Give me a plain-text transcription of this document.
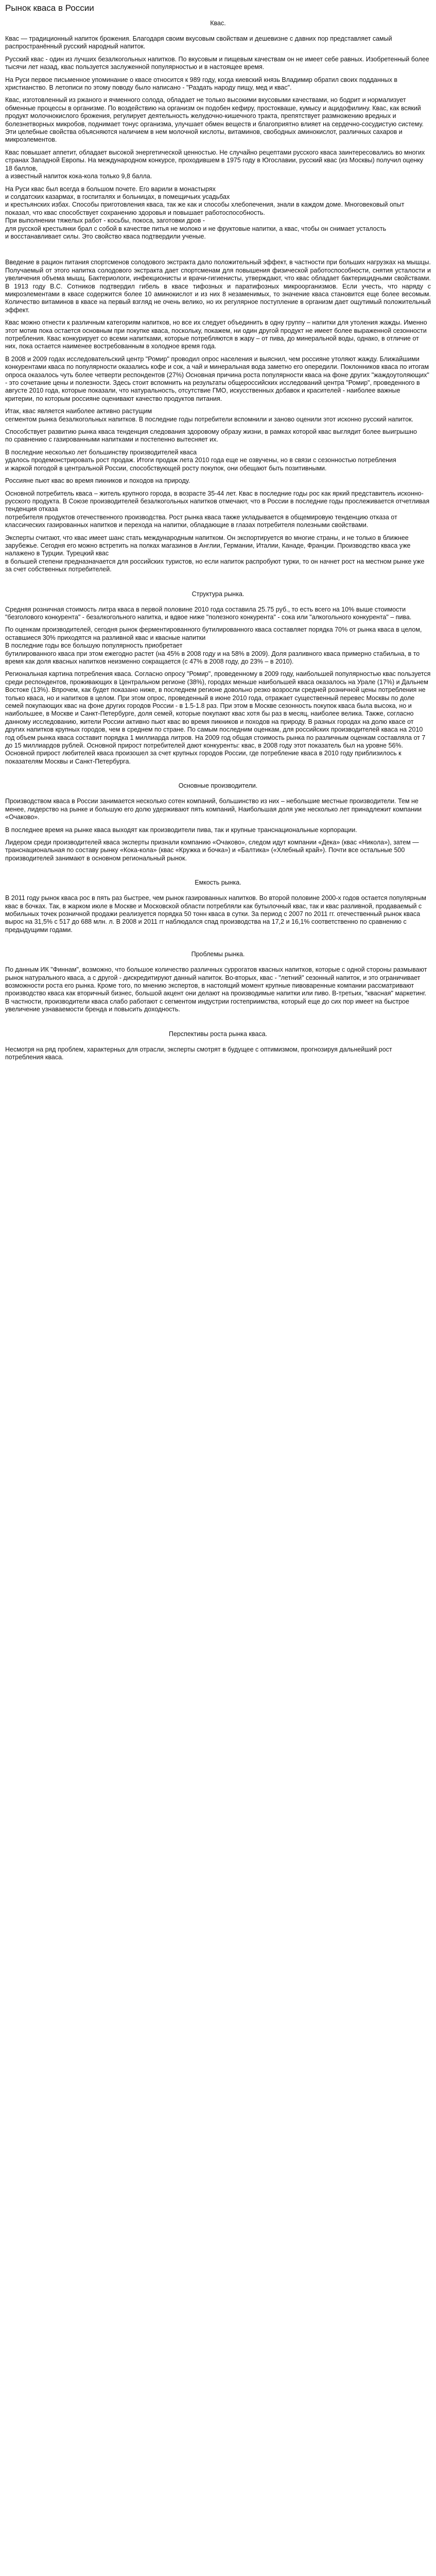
Рынок кваса в России
Квас.

Квас — традиционный напиток брожения. Благодаря своим вкусовым свойствам и дешевизне с давних пор представляет самый распространённый русский народный напиток.

Русский квас - один из лучших безалкогольных напитков. По вкусовым и пищевым качествам он не имеет себе равных. Изобретенный более тысячи лет назад, квас пользуется заслуженной популярностью и в настоящее время.

На Руси первое письменное упоминание о квасе относится к 989 году, когда киевский князь Владимир обратил своих подданных в христианство. В летописи по этому поводу было написано - "Раздать народу пищу, мед и квас".

Квас, изготовленный из ржаного и ячменного солода, обладает не только высокими вкусовыми качествами, но бодрит и нормализует обменные процессы в организме. По воздействию на организм он подобен кефиру, простокваше, кумысу и ацидофилину. Квас, как всякий продукт молочнокислого брожения, регулирует деятельность желудочно-кишечного тракта, препятствует размножению вредных и болезнетворных микробов, поднимает тонус организма, улучшает обмен веществ и благоприятно влияет на сердечно-сосудистую систему. Эти целебные свойства объясняются наличием в нем молочной кислоты, витаминов, свободных аминокислот, различных сахаров и микроэлементов.

Квас повышает аппетит, обладает высокой энергетической ценностью. Не случайно рецептами русского кваса заинтересовались во многих странах Западной Европы. На международном конкурсе, проходившем в 1975 году в Югославии, русский квас (из Москвы) получил оценку 18 баллов,
а известный напиток кока-кола только 9,8 балла.

На Руси квас был всегда в большом почете. Его варили в монастырях
и солдатских казармах, в госпиталях и больницах, в помещичьих усадьбах
и крестьянских избах. Способы приготовления кваса, так же как и способы хлебопечения, знали в каждом доме. Многовековый опыт показал, что квас способствует сохранению здоровья и повышает работоспособность.
При выполнении тяжелых работ - косьбы, покоса, заготовки дров -
для русской крестьянки брал с собой в качестве питья не молоко и не фруктовые напитки, а квас, чтобы он снимает усталость
и восстанавливает силы. Это свойство кваса подтвердили ученые.

Введение в рацион питания спортсменов солодового экстракта дало положительный эффект, в частности при больших нагрузках на мышцы. Получаемый от этого напитка солодового экстракта дает спортсменам для повышения физической работоспособности, снятия усталости и увеличения объема мышц. Бактериологи, инфекционисты и врачи-гигиенисты, утверждают, что квас обладает бактерицидными свойствами. В 1913 году В.С. Сотников подтвердил гибель в квасе тифозных и паратифозных микроорганизмов. Если учесть, что наряду с микроэлементами в квасе содержится более 10 аминокислот и из них 8 незаменимых, то значение кваса становится еще более весомым. Количество витаминов в квасе на первый взгляд не очень велико, но их регулярное поступление в организм дает ощутимый положительный эффект.

Квас можно отнести к различным категориям напитков, но все их следует объединить в одну группу – напитки для утоления жажды. Именно этот мотив пока остается основным при покупке кваса, поскольку, покажем, ни один другой продукт не имеет более выраженной сезонности потребления. Квас конкурирует со всеми напитками, которые потребляются в жару – от пива, до минеральной воды, однако, в отличие от них, пока остается наименее востребованным в холодное время года.

В 2008 и 2009 годах исследовательский центр "Ромир" проводил опрос населения и выяснил, чем россияне утоляют жажду. Ближайшими конкурентами кваса по популярности оказались кофе и сок, а чай и минеральная вода заметно его опередили. Поклонников кваса по итогам опроса оказалось чуть более четверти респондентов (27%) Основная причина роста популярности кваса на фоне других "жаждоутоляющих" - это сочетание цены и полезности. Здесь стоит вспомнить на результаты общероссийских исследований центра "Ромир", проведенного в августе 2010 года, которые показали, что натуральность, отсутствие ГМО, искусственных добавок и красителей - наиболее важные критерии, по которым россияне оценивают качество продуктов питания.

Итак, квас является наиболее активно растущим
сегментом рынка безалкогольных напитков. В последние годы потребители вспомнили и заново оценили этот исконно русский напиток.

Способствует развитию рынка кваса тенденция следования здоровому образу жизни, в рамках которой квас выглядит более выигрышно
по сравнению с газированными напитками и постепенно вытесняет их.

В последние несколько лет большинству производителей кваса
удалось продемонстрировать рост продаж. Итоги продаж лета 2010 года еще не озвучены, но в связи с сезонностью потребления
и жаркой погодой в центральной России, способствующей росту покупок, они обещают быть позитивными.

Россияне пьют квас во время пикников и походов на природу.

Основной потребитель кваса – житель крупного города, в возрасте 35-44 лет. Квас в последние годы рос как яркий представитель исконно-русского продукта. В Союзе производителей безалкогольных напитков отмечают, что в России в последние годы прослеживается отчетливая тенденция отказа
потребителя продуктов отечественного производства. Рост рынка кваса также укладывается в общемировую тенденцию отказа от классических газированных напитков и перехода на напитки, обладающие в глазах потребителя полезными свойствами.

Эксперты считают, что квас имеет шанс стать международным напитком. Он экспортируется во многие страны, и не только в ближнее зарубежье. Сегодня его можно встретить на полках магазинов в Англии, Германии, Италии, Канаде, Франции. Производство кваса уже налажено в Турции. Турецкий квас
в большей степени предназначается для российских туристов, но если напиток распробуют турки, то он начнет рост на местном рынке уже за счет собственных потребителей.

Структура рынка.

Средняя розничная стоимость литра кваса в первой половине 2010 года составила 25.75 руб., то есть всего на 10% выше стоимости "безголового конкурента" - безалкогольного напитка, и вдвое ниже "полезного конкурента" - сока или "алкогольного конкурента" – пива.

По оценкам производителей, сегодня рынок ферментированного бутилированного кваса составляет порядка 70% от рынка кваса в целом, оставшиеся 30% приходятся на разливной квас и квасные напитки
В последние годы все большую популярность приобретает
бутилированного кваса при этом ежегодно растет (на 45% в 2008 году и на 58% в 2009). Доля разливного кваса примерно стабильна, в то время как доля квасных напитков неизменно сокращается (с 47% в 2008 году, до 23% – в 2010).

Региональная картина потребления кваса. Согласно опросу "Ромир", проведенному в 2009 году, наибольшей популярностью квас пользуется среди респондентов, проживающих в Центральном регионе (38%), городах меньше наибольшей кваса оказалось на Урале (17%) и Дальнем Востоке (13%). Впрочем, как будет показано ниже, в последнем регионе довольно резко возросли средней розничной цены потребления не только кваса, но и напитков в целом. При этом опрос, проведенный в июне 2010 года, отражает существенный перевес Москвы по доле семей покупающих квас на фоне других городов России - в 1.5-1.8 раз. При этом в Москве сезонность покупок кваса была высока, но и наибольшее, в Москве и Санкт-Петербурге, доля семей, которые покупают квас хотя бы раз в месяц, наиболее велика. Также, согласно данному исследованию, жители России активно пьют квас во время пикников и походов на природу. В разных городах на долю квасе от других напитков крупных городов, чем в среднем по стране. По самым последним оценкам, для российских производителей кваса на 2010 год объем рынка кваса составит порядка 1 миллиарда литров. На 2009 год общая стоимость рынка по различным оценкам составляла от 7 до 15 миллиардов рублей. Основной прирост потребителей дают конкуренты: квас, в 2008 году этот показатель был на уровне 56%. Основной прирост любителей кваса произошел за счет крупных городов России, где потребление кваса в 2010 году приблизилось к показателям Москвы и Санкт-Петербурга.

Основные производители.

Производством кваса в России занимается несколько сотен компаний, большинство из них – небольшие местные производители. Тем не менее, лидерство на рынке и большую его долю удерживают пять компаний, Наибольшая доля уже несколько лет принадлежит компании «Очаково».

В последнее время на рынке кваса выходят как производители пива, так и крупные транснациональные корпорации.

Лидером среди производителей кваса эксперты признали компанию «Очаково», следом идут компании «Дека» (квас «Никола»), затем — транснациональная по составу рынку «Кока-кола» (квас «Кружка и бочка») и «Балтика» («Хлебный край»). Почти все остальные 500 производителей занимают в основном региональный рынок.

Емкость рынка.

В 2011 году рынок кваса рос в пять раз быстрее, чем рынок газированных напитков. Во второй половине 2000-х годов остается популярным квас в бочках. Так, в жарком июле в Москве и Московской области потребляли как бутылочный квас, так и квас разливной, продаваемый с мобильных точек розничной продажи реализуется порядка 50 тонн кваса в сутки. За период с 2007 по 2011 гг. отечественный рынок кваса вырос на 31,5% с 517 до 688 млн. л. В 2008 и 2011 гг наблюдался спад производства на 17,2 и 16,1% соответственно по сравнению с предыдущими годами.

Проблемы рынка.

По данным ИК "Финнам", возможно, что большое количество различных суррогатов квасных напитков, которые с одной стороны размывают рынок натурального кваса, а с другой - дискредитируют данный напиток. Во-вторых, квас - "летний" сезонный напиток, и это ограничивает возможности роста его рынка. Кроме того, по мнению экспертов, в настоящий момент крупные пивоваренные компании рассматривают производство кваса как вторичный бизнес, большой акцент они делают на производимые напитки или пиво. В-третьих, "квасная" маркетинг. В частности, производители кваса слабо работают с сегментом индустрии гостеприимства, который еще до сих пор имеет на быстрое увеличение узнаваемости бренда и повысить доходность.

Перспективы роста рынка кваса.

Несмотря на ряд проблем, характерных для отрасли, эксперты смотрят в будущее с оптимизмом, прогнозируя дальнейший рост потребления кваса.
